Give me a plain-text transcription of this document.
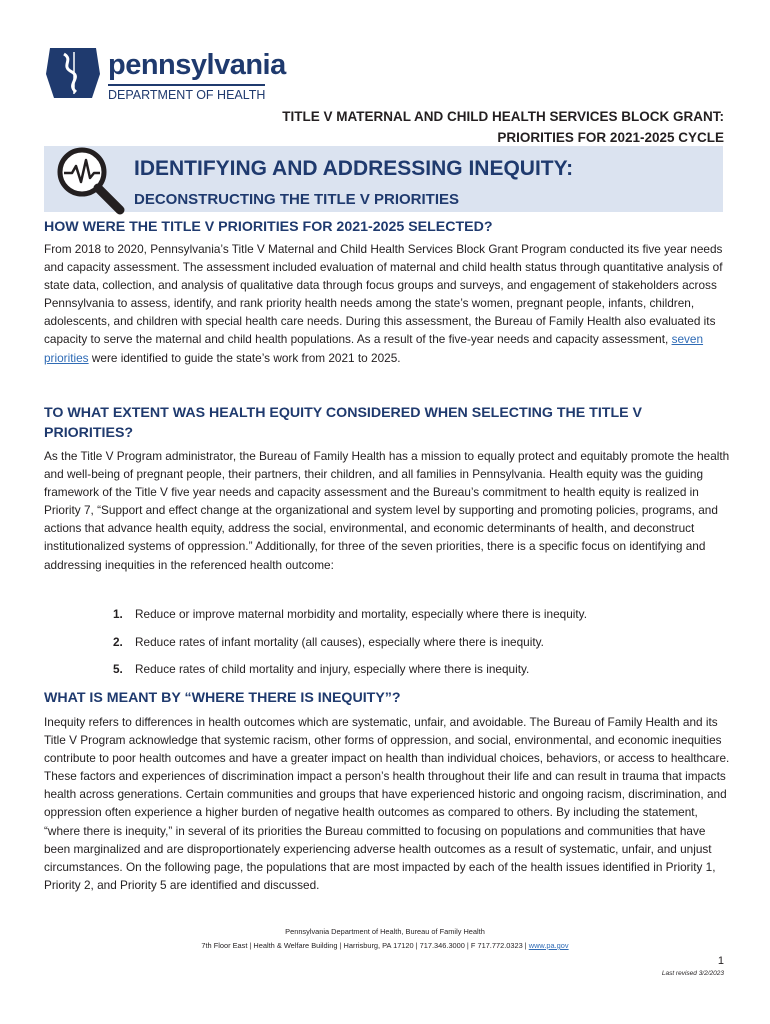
pennsylvania
DEPARTMENT OF HEALTH
TITLE V MATERNAL AND CHILD HEALTH SERVICES BLOCK GRANT:
PRIORITIES FOR 2021-2025 CYCLE
IDENTIFYING AND ADDRESSING INEQUITY:
DECONSTRUCTING THE TITLE V PRIORITIES
HOW WERE THE TITLE V PRIORITIES FOR 2021-2025 SELECTED?
From 2018 to 2020, Pennsylvania’s Title V Maternal and Child Health Services Block Grant Program conducted its five year needs and capacity assessment. The assessment included evaluation of maternal and child health status through quantitative analysis of state data, collection, and analysis of qualitative data through focus groups and surveys, and engagement of stakeholders across Pennsylvania to assess, identify, and rank priority health needs among the state’s women, pregnant people, infants, children, adolescents, and children with special health care needs. During this assessment, the Bureau of Family Health also evaluated its capacity to serve the maternal and child health populations. As a result of the five-year needs and capacity assessment, seven priorities were identified to guide the state’s work from 2021 to 2025.
TO WHAT EXTENT WAS HEALTH EQUITY CONSIDERED WHEN SELECTING THE TITLE V PRIORITIES?
As the Title V Program administrator, the Bureau of Family Health has a mission to equally protect and equitably promote the health and well-being of pregnant people, their partners, their children, and all families in Pennsylvania. Health equity was the guiding framework of the Title V five year needs and capacity assessment and the Bureau’s commitment to health equity is realized in Priority 7, “Support and effect change at the organizational and system level by supporting and promoting policies, programs, and actions that advance health equity, address the social, environmental, and economic determinants of health, and deconstruct institutionalized systems of oppression.” Additionally, for three of the seven priorities, there is a specific focus on identifying and addressing inequities in the referenced health outcome:
1. Reduce or improve maternal morbidity and mortality, especially where there is inequity.
2. Reduce rates of infant mortality (all causes), especially where there is inequity.
5. Reduce rates of child mortality and injury, especially where there is inequity.
WHAT IS MEANT BY “WHERE THERE IS INEQUITY”?
Inequity refers to differences in health outcomes which are systematic, unfair, and avoidable. The Bureau of Family Health and its Title V Program acknowledge that systemic racism, other forms of oppression, and social, environmental, and economic inequities contribute to poor health outcomes and have a greater impact on health than individual choices, behaviors, or access to healthcare. These factors and experiences of discrimination impact a person’s health throughout their life and can result in trauma that impacts health across generations. Certain communities and groups that have experienced historic and ongoing racism, discrimination, and oppression often experience a higher burden of negative health outcomes as compared to others. By including the statement, “where there is inequity,” in several of its priorities the Bureau committed to focusing on populations and communities that have been marginalized and are disproportionately experiencing adverse health outcomes as a result of systematic, unfair, and unjust circumstances. On the following page, the populations that are most impacted by each of the health issues identified in Priority 1, Priority 2, and Priority 5 are identified and discussed.
Pennsylvania Department of Health, Bureau of Family Health
7th Floor East | Health & Welfare Building | Harrisburg, PA 17120 | 717.346.3000 | F 717.772.0323 | www.pa.gov
1
Last revised 3/2/2023
